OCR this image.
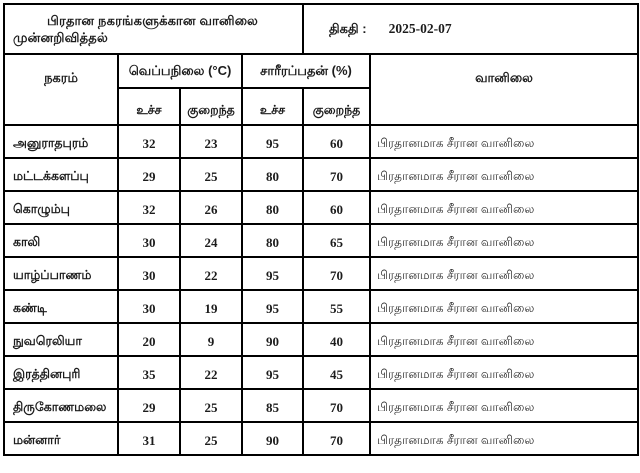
பிரதான நகரங்களுக்கான வானிலை முன்னறிவித்தல்				திகதி : 2025-02-07	
நகரம்	வெப்பநிலை (°C)		சாரீரப்பதன் (%)		வானிலை
	உச்ச	குறைந்த	உச்ச	குறைந்த	
அனுராதபுரம்	32	23	95	60	பிரதானமாக சீரான வானிலை
மட்டக்களப்பு	29	25	80	70	பிரதானமாக சீரான வானிலை
கொழும்பு	32	26	80	60	பிரதானமாக சீரான வானிலை
காலி	30	24	80	65	பிரதானமாக சீரான வானிலை
யாழ்ப்பாணம்	30	22	95	70	பிரதானமாக சீரான வானிலை
கண்டி	30	19	95	55	பிரதானமாக சீரான வானிலை
நுவரெலியா	20	9	90	40	பிரதானமாக சீரான வானிலை
இரத்தினபுரி	35	22	95	45	பிரதானமாக சீரான வானிலை
திருகோணமலை	29	25	85	70	பிரதானமாக சீரான வானிலை
மன்னார்	31	25	90	70	பிரதானமாக சீரான வானிலை
